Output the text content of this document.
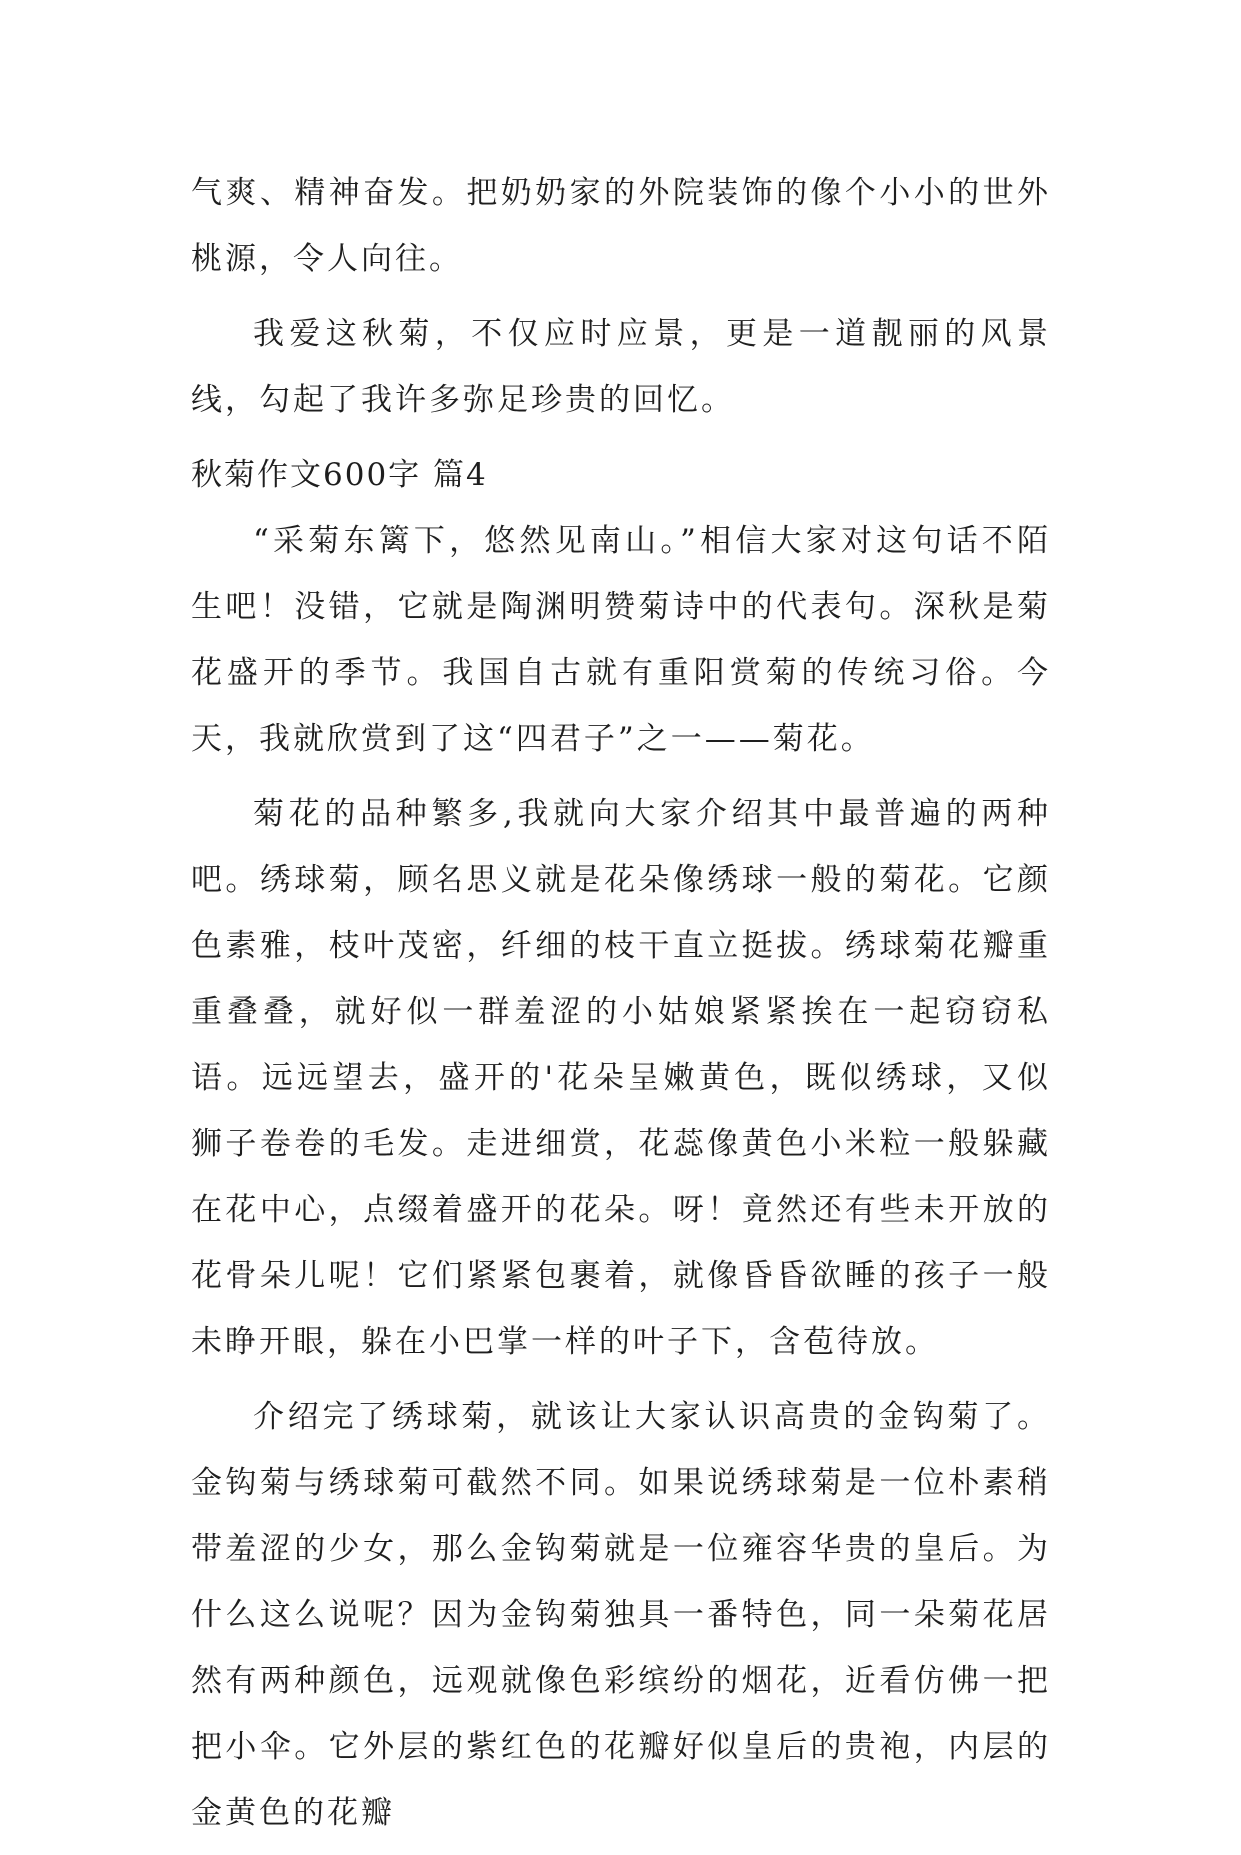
气爽、精神奋发。把奶奶家的外院装饰的像个小小的世外桃源，令人向往。

我爱这秋菊，不仅应时应景，更是一道靓丽的风景线，勾起了我许多弥足珍贵的回忆。

秋菊作文600字 篇4

“采菊东篱下，悠然见南山。”相信大家对这句话不陌生吧！没错，它就是陶渊明赞菊诗中的代表句。深秋是菊花盛开的季节。我国自古就有重阳赏菊的传统习俗。今天，我就欣赏到了这“四君子”之一——菊花。

菊花的品种繁多,我就向大家介绍其中最普遍的两种吧。绣球菊，顾名思义就是花朵像绣球一般的菊花。它颜色素雅，枝叶茂密，纤细的枝干直立挺拔。绣球菊花瓣重重叠叠，就好似一群羞涩的小姑娘紧紧挨在一起窃窃私语。远远望去，盛开的'花朵呈嫩黄色，既似绣球，又似狮子卷卷的毛发。走进细赏，花蕊像黄色小米粒一般躲藏在花中心，点缀着盛开的花朵。呀！竟然还有些未开放的花骨朵儿呢！它们紧紧包裹着，就像昏昏欲睡的孩子一般未睁开眼，躲在小巴掌一样的叶子下，含苞待放。

介绍完了绣球菊，就该让大家认识高贵的金钩菊了。金钩菊与绣球菊可截然不同。如果说绣球菊是一位朴素稍带羞涩的少女，那么金钩菊就是一位雍容华贵的皇后。为什么这么说呢？因为金钩菊独具一番特色，同一朵菊花居然有两种颜色，远观就像色彩缤纷的烟花，近看仿佛一把把小伞。它外层的紫红色的花瓣好似皇后的贵袍，内层的金黄色的花瓣
